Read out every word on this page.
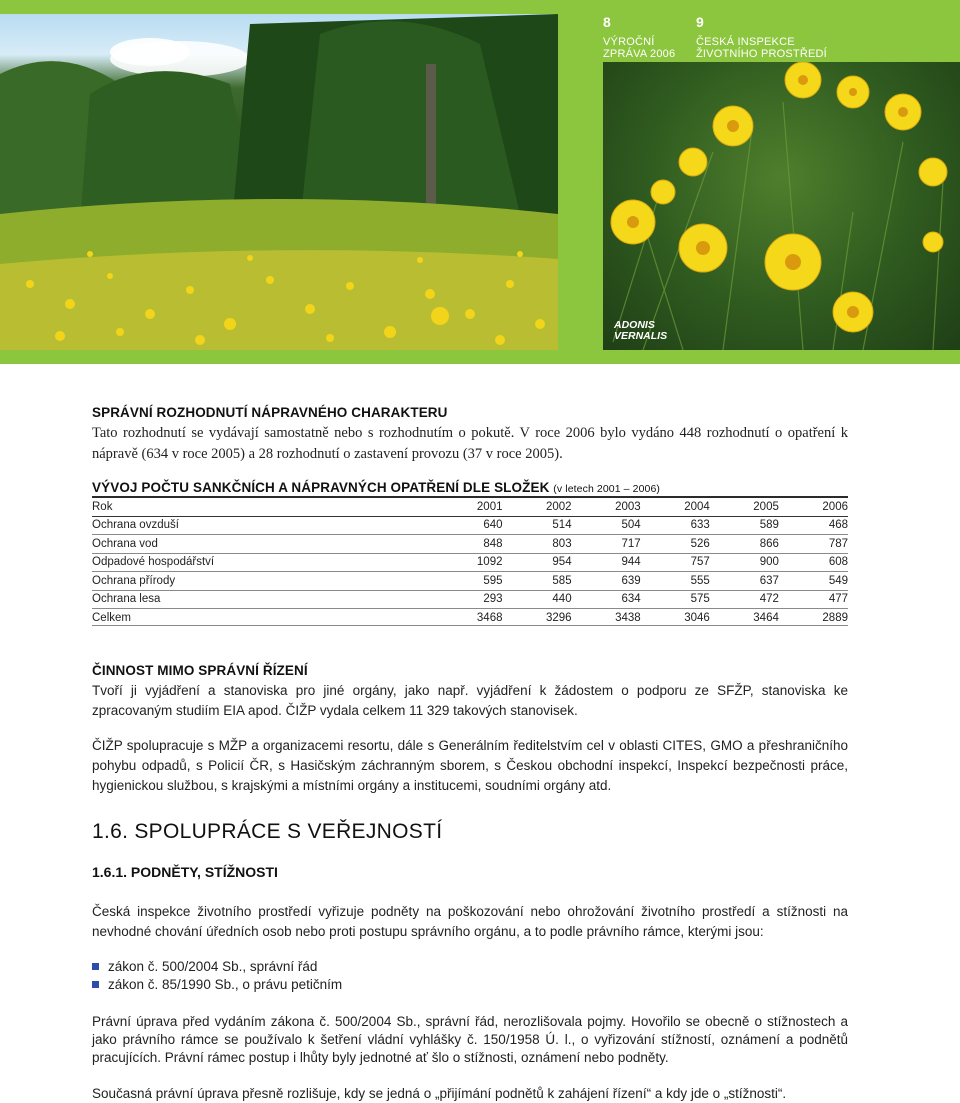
8
VÝROČNÍ
ZPRÁVA 2006
9
ČESKÁ INSPEKCE
ŽIVOTNÍHO PROSTŘEDÍ
ADONIS
VERNALIS
SPRÁVNÍ ROZHODNUTÍ NÁPRAVNÉHO CHARAKTERU
Tato rozhodnutí se vydávají samostatně nebo s rozhodnutím o pokutě. V roce 2006 bylo vydáno 448 rozhodnutí o opatření k nápravě (634 v roce 2005) a 28 rozhodnutí o zastavení provozu (37 v roce 2005).
VÝVOJ POČTU SANKČNÍCH A NÁPRAVNÝCH OPATŘENÍ DLE SLOŽEK (v letech 2001 – 2006)
Rok	2001	2002	2003	2004	2005	2006
Ochrana ovzduší	640	514	504	633	589	468
Ochrana vod	848	803	717	526	866	787
Odpadové hospodářství	1092	954	944	757	900	608
Ochrana přírody	595	585	639	555	637	549
Ochrana lesa	293	440	634	575	472	477
Celkem	3468	3296	3438	3046	3464	2889
ČINNOST MIMO SPRÁVNÍ ŘÍZENÍ
Tvoří ji vyjádření a stanoviska pro jiné orgány, jako např. vyjádření k žádostem o podporu ze SFŽP, stanoviska ke zpracovaným studiím EIA apod. ČIŽP vydala celkem 11 329 takových stanovisek.
ČIŽP spolupracuje s MŽP a organizacemi resortu, dále s Generálním ředitelstvím cel v oblasti CITES, GMO a přeshraničního pohybu odpadů, s Policií ČR, s Hasičským záchranným sborem, s Českou obchodní inspekcí, Inspekcí bezpečnosti práce, hygienickou službou, s krajskými a místními orgány a institucemi, soudními orgány atd.
1.6. SPOLUPRÁCE S VEŘEJNOSTÍ
1.6.1. PODNĚTY, STÍŽNOSTI
Česká inspekce životního prostředí vyřizuje podněty na poškozování nebo ohrožování životního prostředí a stížnosti na nevhodné chování úředních osob nebo proti postupu správního orgánu, a to podle právního rámce, kterými jsou:
zákon č. 500/2004 Sb., správní řád
zákon č. 85/1990 Sb., o právu petičním
Právní úprava před vydáním zákona č. 500/2004 Sb., správní řád, nerozlišovala pojmy. Hovořilo se obecně o stížnostech a jako právního rámce se používalo k šetření vládní vyhlášky č. 150/1958 Ú. l., o vyřizování stížností, oznámení a podnětů pracujících. Právní rámec postup i lhůty byly jednotné ať šlo o stížnosti, oznámení nebo podněty.
Současná právní úprava přesně rozlišuje, kdy se jedná o „přijímání podnětů k zahájení řízení“ a kdy jde o „stížnosti“.
